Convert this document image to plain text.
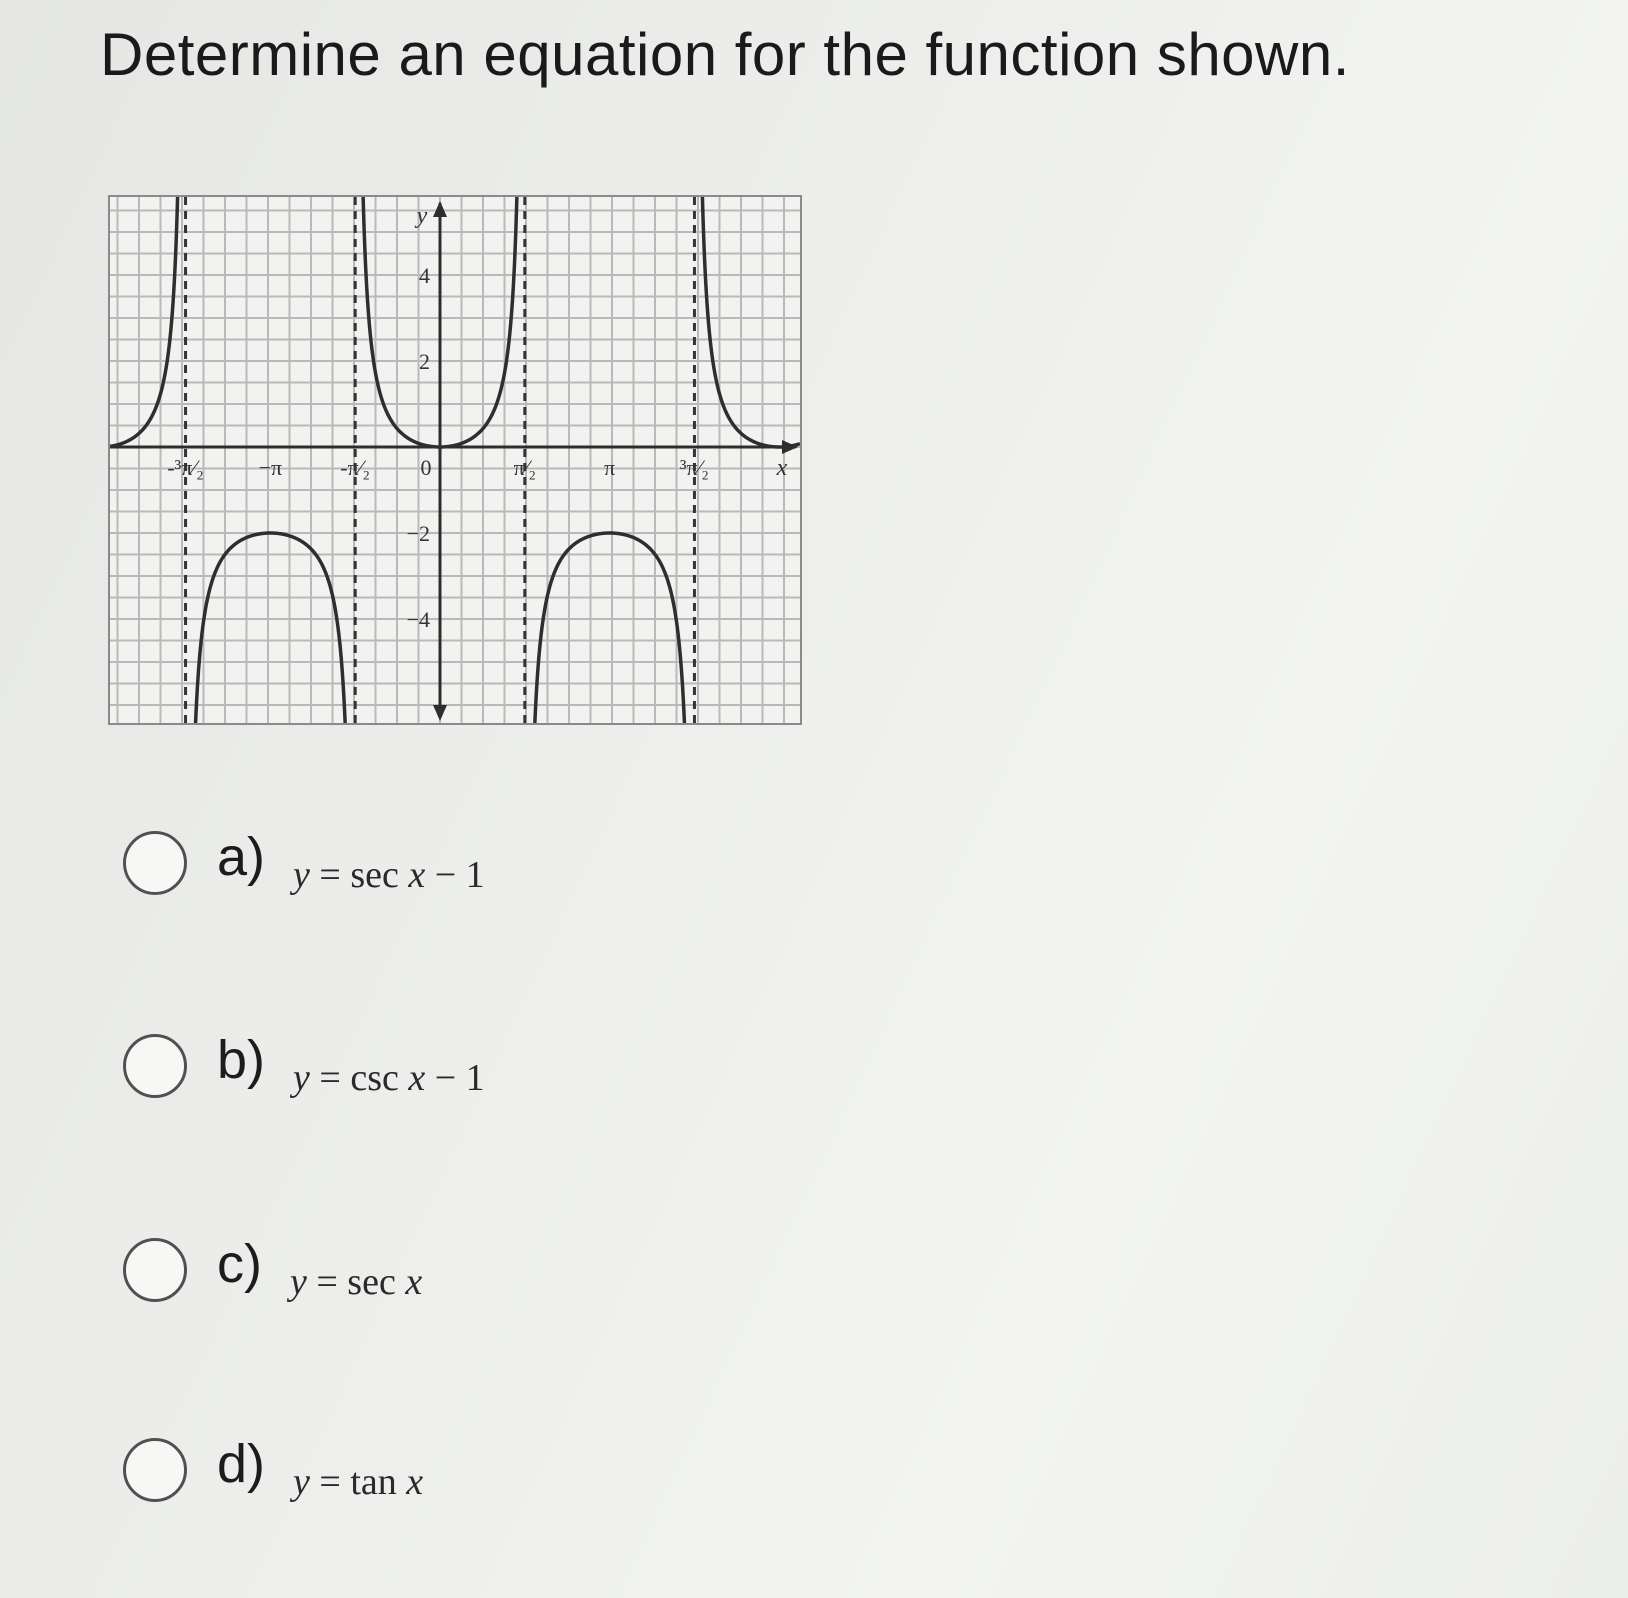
Determine an equation for the function shown.
-³π⁄₂ −π	-π⁄₂ 0	π⁄₂	π	³π⁄₂
4
2
−2
−4
x
y
a) y = sec x − 1
b) y = csc x − 1
c) y = sec x
d) y = tan x
